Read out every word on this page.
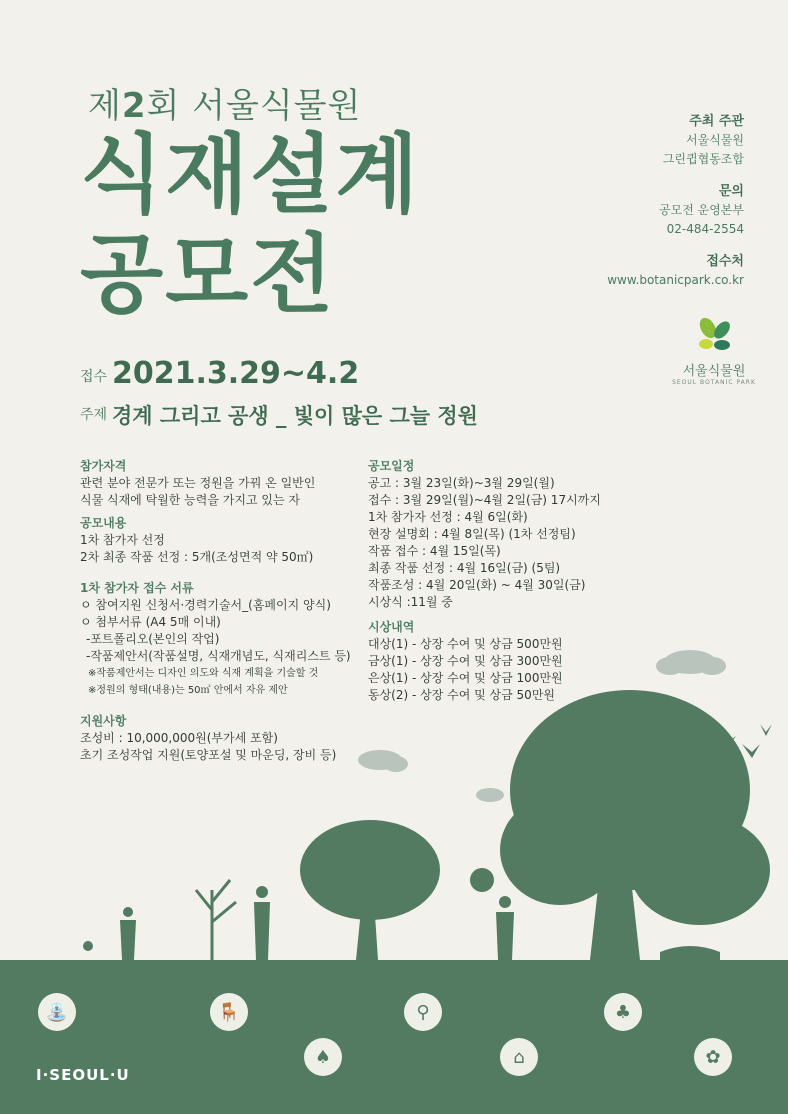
제2회 서울식물원
식재설계
공모전
접수 2021.3.29~4.2
주제 경계 그리고 공생 _ 빛이 많은 그늘 정원
주최 주관
서울식물원
그린큅협동조합
문의
공모전 운영본부
02-484-2554
접수처
www.botanicpark.co.kr
서울식물원
SEOUL BOTANIC PARK
참가자격
관련 분야 전문가 또는 정원을 가꿔 온 일반인
식물 식재에 탁월한 능력을 가지고 있는 자
공모내용
1차 참가자 선정
2차 최종 작품 선정 : 5개(조성면적 약 50㎡)
1차 참가자 접수 서류
ㅇ 참여지원 신청서·경력기술서_(홈페이지 양식)
ㅇ 첨부서류 (A4 5매 이내)
-포트폴리오(본인의 작업)
-작품제안서(작품설명, 식재개념도, 식재리스트 등)
※작품제안서는 디자인 의도와 식재 계획을 기술할 것
※정원의 형태(내용)는 50㎡ 안에서 자유 제안
지원사항
조성비 : 10,000,000원(부가세 포함)
초기 조성작업 지원(토양포설 및 마운딩, 장비 등)
공모일정
공고 : 3월 23일(화)~3월 29일(월)
접수 : 3월 29일(월)~4월 2일(금) 17시까지
1차 참가자 선정 : 4월 6일(화)
현장 설명회 : 4월 8일(목) (1차 선정팀)
작품 접수 : 4월 15일(목)
최종 작품 선정 : 4월 16일(금) (5팀)
작품조성 : 4월 20일(화) ~ 4월 30일(금)
시상식 :11월 중
시상내역
대상(1) - 상장 수여 및 상금 500만원
금상(1) - 상장 수여 및 상금 300만원
은상(1) - 상장 수여 및 상금 100만원
동상(2) - 상장 수여 및 상금 50만원
⛲	🪑	⚲	♣
♠	⌂	✿
I·SEOUL·U
